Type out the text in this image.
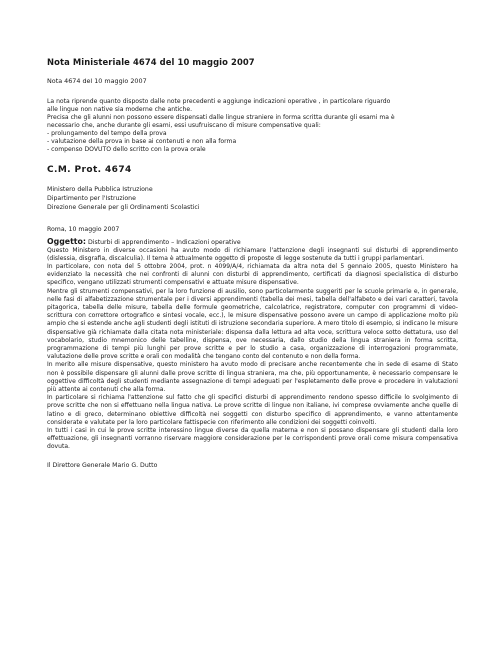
Nota Ministeriale 4674 del 10 maggio 2007
Nota 4674 del 10 maggio 2007
La nota riprende quanto disposto dalle note precedenti e aggiunge indicazioni operative , in particolare riguardo
alle lingue non native sia moderne che antiche.
Precisa che gli alunni non possono essere dispensati dalle lingue straniere in forma scritta durante gli esami ma è
necessario che, anche durante gli esami, essi usufruiscano di misure compensative quali:
- prolungamento del tempo della prova
- valutazione della prova in base ai contenuti e non alla forma
- compenso DOVUTO dello scritto con la prova orale
C.M. Prot. 4674
Ministero della Pubblica Istruzione
Dipartimento per l'Istruzione
Direzione Generale per gli Ordinamenti Scolastici
Roma, 10 maggio 2007
Oggetto: Disturbi di apprendimento – Indicazioni operative

Questo Ministero in diverse occasioni ha avuto modo di richiamare l'attenzione degli insegnanti sui disturbi di apprendimento (dislessia, disgrafia, discalculia). Il tema è attualmente oggetto di proposte di legge sostenute da tutti i gruppi parlamentari.

In particolare, con nota del 5 ottobre 2004, prot. n 4099/A/4, richiamata da altra nota del 5 gennaio 2005, questo Ministero ha evidenziato la necessità che nei confronti di alunni con disturbi di apprendimento, certificati da diagnosi specialistica di disturbo specifico, vengano utilizzati strumenti compensativi e attuate misure dispensative.

Mentre gli strumenti compensativi, per la loro funzione di ausilio, sono particolarmente suggeriti per le scuole primarie e, in generale, nelle fasi di alfabetizzazione strumentale per i diversi apprendimenti (tabella dei mesi, tabella dell'alfabeto e dei vari caratteri, tavola pitagorica, tabella delle misure, tabella delle formule geometriche, calcolatrice, registratore, computer con programmi di video-scrittura con correttore ortografico e sintesi vocale, ecc.), le misure dispensative possono avere un campo di applicazione molto più ampio che si estende anche agli studenti degli istituti di istruzione secondaria superiore. A mero titolo di esempio, si indicano le misure dispensative già richiamate dalla citata nota ministeriale: dispensa dalla lettura ad alta voce, scrittura veloce sotto dettatura, uso del vocabolario, studio mnemonico delle tabelline, dispensa, ove necessaria, dallo studio della lingua straniera in forma scritta, programmazione di tempi più lunghi per prove scritte e per lo studio a casa, organizzazione di interrogazioni programmate, valutazione delle prove scritte e orali con modalità che tengano conto del contenuto e non della forma.

In merito alle misure dispensative, questo ministero ha avuto modo di precisare anche recentemente che in sede di esame di Stato non è possibile dispensare gli alunni dalle prove scritte di lingua straniera, ma che, più opportunamente, è necessario compensare le oggettive difficoltà degli studenti mediante assegnazione di tempi adeguati per l'espletamento delle prove e procedere in valutazioni più attente ai contenuti che alla forma.

In particolare si richiama l'attenzione sul fatto che gli specifici disturbi di apprendimento rendono spesso difficile lo svolgimento di prove scritte che non si effettuano nella lingua nativa. Le prove scritte di lingue non italiane, ivi comprese ovviamente anche quelle di latino e di greco, determinano obiettive difficoltà nei soggetti con disturbo specifico di apprendimento, e vanno attentamente considerate e valutate per la loro particolare fattispecie con riferimento alle condizioni dei soggetti coinvolti.

In tutti i casi in cui le prove scritte interessino lingue diverse da quella materna e non si possano dispensare gli studenti dalla loro effettuazione, gli insegnanti vorranno riservare maggiore considerazione per le corrispondenti prove orali come misura compensativa dovuta.

Il Direttore Generale Mario G. Dutto
